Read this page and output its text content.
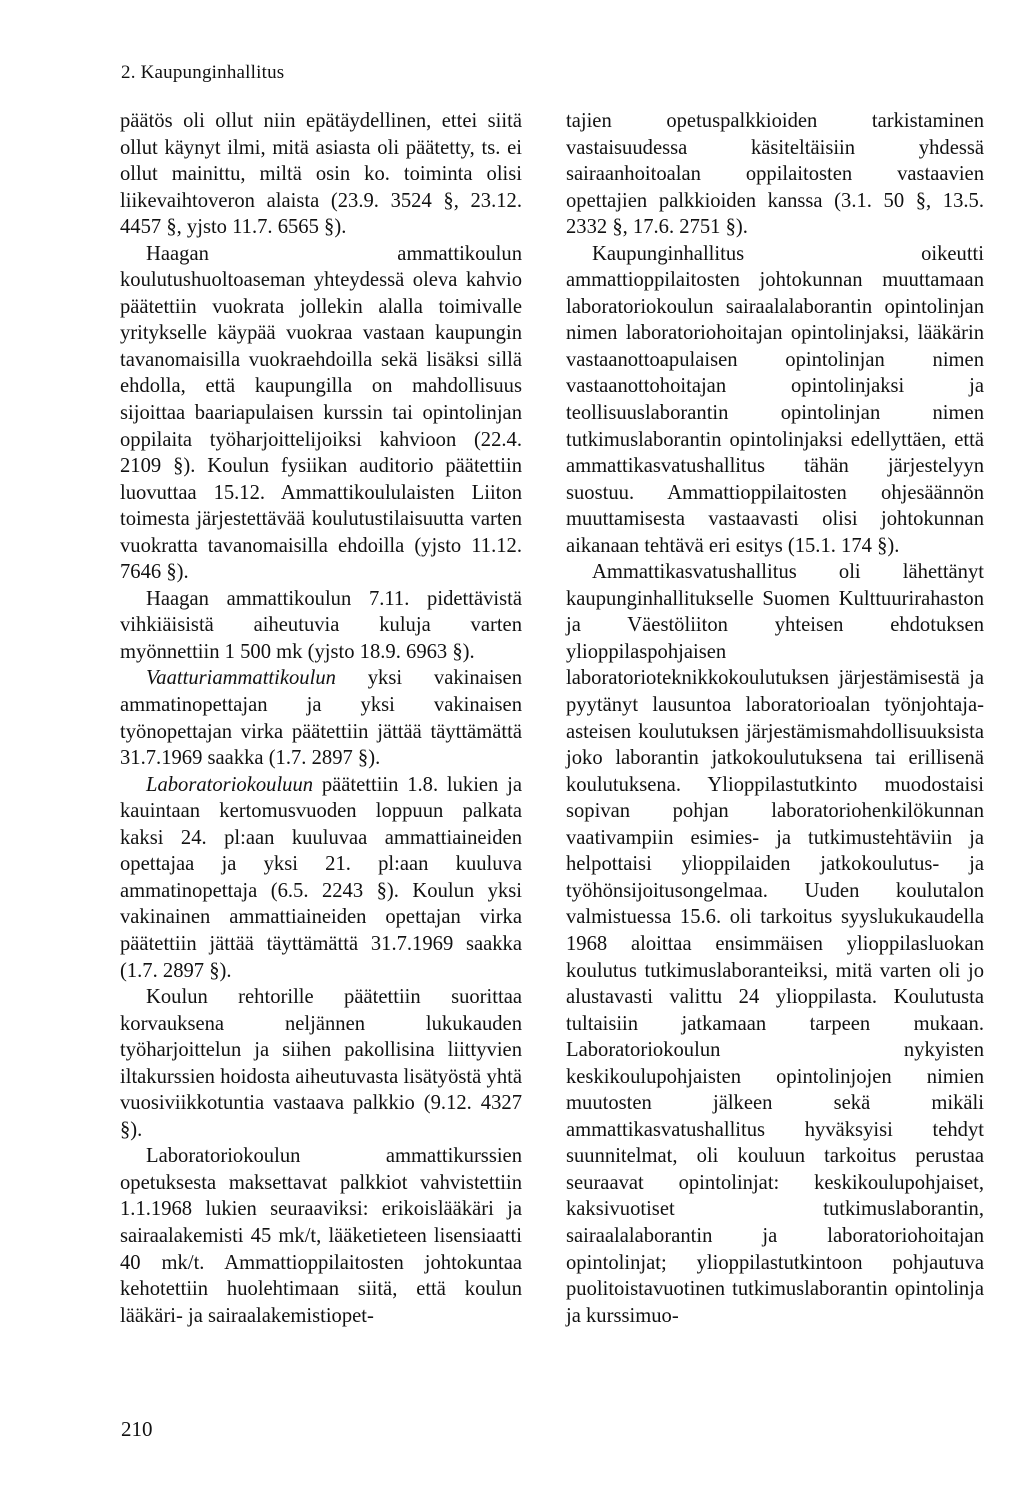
2. Kaupunginhallitus

päätös oli ollut niin epätäydellinen, ettei siitä ollut käynyt ilmi, mitä asiasta oli päätetty, ts. ei ollut mainittu, miltä osin ko. toiminta olisi liikevaihtoveron alaista (23.9. 3524 §, 23.12. 4457 §, yjsto 11.7. 6565 §).

Haagan ammattikoulun koulutushuoltoaseman yhteydessä oleva kahvio päätettiin vuokrata jollekin alalla toimivalle yritykselle käypää vuokraa vastaan kaupungin tavanomaisilla vuokraehdoilla sekä lisäksi sillä ehdolla, että kaupungilla on mahdollisuus sijoittaa baariapulaisen kurssin tai opintolinjan oppilaita työharjoittelijoiksi kahvioon (22.4. 2109 §). Koulun fysiikan auditorio päätettiin luovuttaa 15.12. Ammattikoululaisten Liiton toimesta järjestettävää koulutustilaisuutta varten vuokratta tavanomaisilla ehdoilla (yjsto 11.12. 7646 §).

Haagan ammattikoulun 7.11. pidettävistä vihkiäisistä aiheutuvia kuluja varten myönnettiin 1 500 mk (yjsto 18.9. 6963 §).

Vaatturiammattikoulun yksi vakinaisen ammatinopettajan ja yksi vakinaisen työnopettajan virka päätettiin jättää täyttämättä 31.7.1969 saakka (1.7. 2897 §).

Laboratoriokouluun päätettiin 1.8. lukien ja kauintaan kertomusvuoden loppuun palkata kaksi 24. pl:aan kuuluvaa ammattiaineiden opettajaa ja yksi 21. pl:aan kuuluva ammatinopettaja (6.5. 2243 §). Koulun yksi vakinainen ammattiaineiden opettajan virka päätettiin jättää täyttämättä 31.7.1969 saakka (1.7. 2897 §).

Koulun rehtorille päätettiin suorittaa korvauksena neljännen lukukauden työharjoittelun ja siihen pakollisina liittyvien iltakurssien hoidosta aiheutuvasta lisätyöstä yhtä vuosiviikkotuntia vastaava palkkio (9.12. 4327 §).

Laboratoriokoulun ammattikurssien opetuksesta maksettavat palkkiot vahvistettiin 1.1.1968 lukien seuraaviksi: erikoislääkäri ja sairaalakemisti 45 mk/t, lääketieteen lisensiaatti 40 mk/t. Ammattioppilaitosten johtokuntaa kehotettiin huolehtimaan siitä, että koulun lääkäri- ja sairaalakemistiopet-

tajien opetuspalkkioiden tarkistaminen vastaisuudessa käsiteltäisiin yhdessä sairaanhoitoalan oppilaitosten vastaavien opettajien palkkioiden kanssa (3.1. 50 §, 13.5. 2332 §, 17.6. 2751 §).

Kaupunginhallitus oikeutti ammattioppilaitosten johtokunnan muuttamaan laboratoriokoulun sairaalalaborantin opintolinjan nimen laboratoriohoitajan opintolinjaksi, lääkärin vastaanottoapulaisen opintolinjan nimen vastaanottohoitajan opintolinjaksi ja teollisuuslaborantin opintolinjan nimen tutkimuslaborantin opintolinjaksi edellyttäen, että ammattikasvatushallitus tähän järjestelyyn suostuu. Ammattioppilaitosten ohjesäännön muuttamisesta vastaavasti olisi johtokunnan aikanaan tehtävä eri esitys (15.1. 174 §).

Ammattikasvatushallitus oli lähettänyt kaupunginhallitukselle Suomen Kulttuurirahaston ja Väestöliiton yhteisen ehdotuksen ylioppilaspohjaisen laboratorioteknikkokoulutuksen järjestämisestä ja pyytänyt lausuntoa laboratorioalan työnjohtaja-asteisen koulutuksen järjestämismahdollisuuksista joko laborantin jatkokoulutuksena tai erillisenä koulutuksena. Ylioppilastutkinto muodostaisi sopivan pohjan laboratoriohenkilökunnan vaativampiin esimies- ja tutkimustehtäviin ja helpottaisi ylioppilaiden jatkokoulutus- ja työhönsijoitusongelmaa. Uuden koulutalon valmistuessa 15.6. oli tarkoitus syyslukukaudella 1968 aloittaa ensimmäisen ylioppilasluokan koulutus tutkimuslaboranteiksi, mitä varten oli jo alustavasti valittu 24 ylioppilasta. Koulutusta tultaisiin jatkamaan tarpeen mukaan. Laboratoriokoulun nykyisten keskikoulupohjaisten opintolinjojen nimien muutosten jälkeen sekä mikäli ammattikasvatushallitus hyväksyisi tehdyt suunnitelmat, oli kouluun tarkoitus perustaa seuraavat opintolinjat: keskikoulupohjaiset, kaksivuotiset tutkimuslaborantin, sairaalalaborantin ja laboratoriohoitajan opintolinjat; ylioppilastutkintoon pohjautuva puolitoistavuotinen tutkimuslaborantin opintolinja ja kurssimuo-

210
